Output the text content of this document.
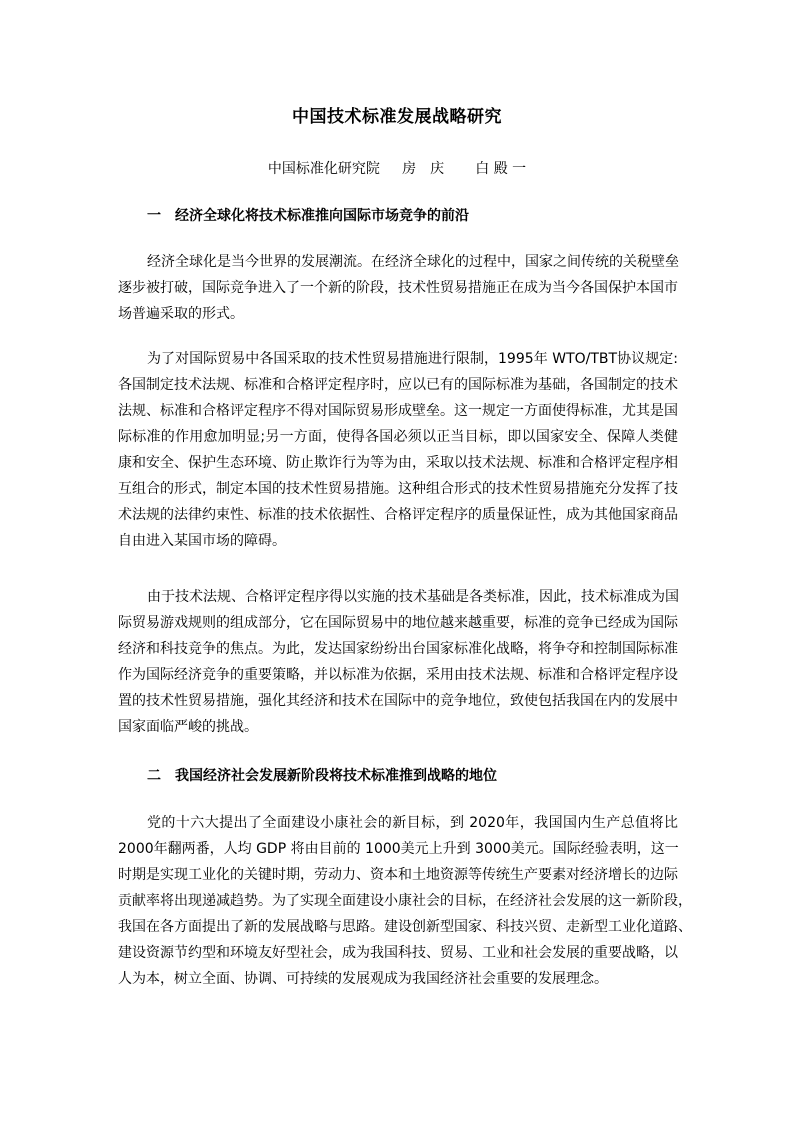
中国技术标准发展战略研究
中国标准化研究院 房　庆 白 殿 一
一　经济全球化将技术标准推向国际市场竞争的前沿
经济全球化是当今世界的发展潮流。在经济全球化的过程中，国家之间传统的关税壁垒
逐步被打破，国际竞争进入了一个新的阶段，技术性贸易措施正在成为当今各国保护本国市
场普遍采取的形式。
为了对国际贸易中各国采取的技术性贸易措施进行限制，1995年 WTO/TBT协议规定:
各国制定技术法规、标准和合格评定程序时，应以已有的国际标准为基础，各国制定的技术
法规、标准和合格评定程序不得对国际贸易形成壁垒。这一规定一方面使得标准，尤其是国
际标准的作用愈加明显;另一方面，使得各国必须以正当目标，即以国家安全、保障人类健
康和安全、保护生态环境、防止欺诈行为等为由，采取以技术法规、标准和合格评定程序相
互组合的形式，制定本国的技术性贸易措施。这种组合形式的技术性贸易措施充分发挥了技
术法规的法律约束性、标准的技术依据性、合格评定程序的质量保证性，成为其他国家商品
自由进入某国市场的障碍。
由于技术法规、合格评定程序得以实施的技术基础是各类标准，因此，技术标准成为国
际贸易游戏规则的组成部分，它在国际贸易中的地位越来越重要，标准的竞争已经成为国际
经济和科技竞争的焦点。为此，发达国家纷纷出台国家标准化战略，将争夺和控制国际标准
作为国际经济竞争的重要策略，并以标准为依据，采用由技术法规、标准和合格评定程序设
置的技术性贸易措施，强化其经济和技术在国际中的竞争地位，致使包括我国在内的发展中
国家面临严峻的挑战。
二　我国经济社会发展新阶段将技术标准推到战略的地位
党的十六大提出了全面建设小康社会的新目标，到 2020年，我国国内生产总值将比
2000年翻两番，人均 GDP 将由目前的 1000美元上升到 3000美元。国际经验表明，这一
时期是实现工业化的关键时期，劳动力、资本和土地资源等传统生产要素对经济增长的边际
贡献率将出现递减趋势。为了实现全面建设小康社会的目标，在经济社会发展的这一新阶段，
我国在各方面提出了新的发展战略与思路。建设创新型国家、科技兴贸、走新型工业化道路、
建设资源节约型和环境友好型社会，成为我国科技、贸易、工业和社会发展的重要战略，以
人为本，树立全面、协调、可持续的发展观成为我国经济社会重要的发展理念。
